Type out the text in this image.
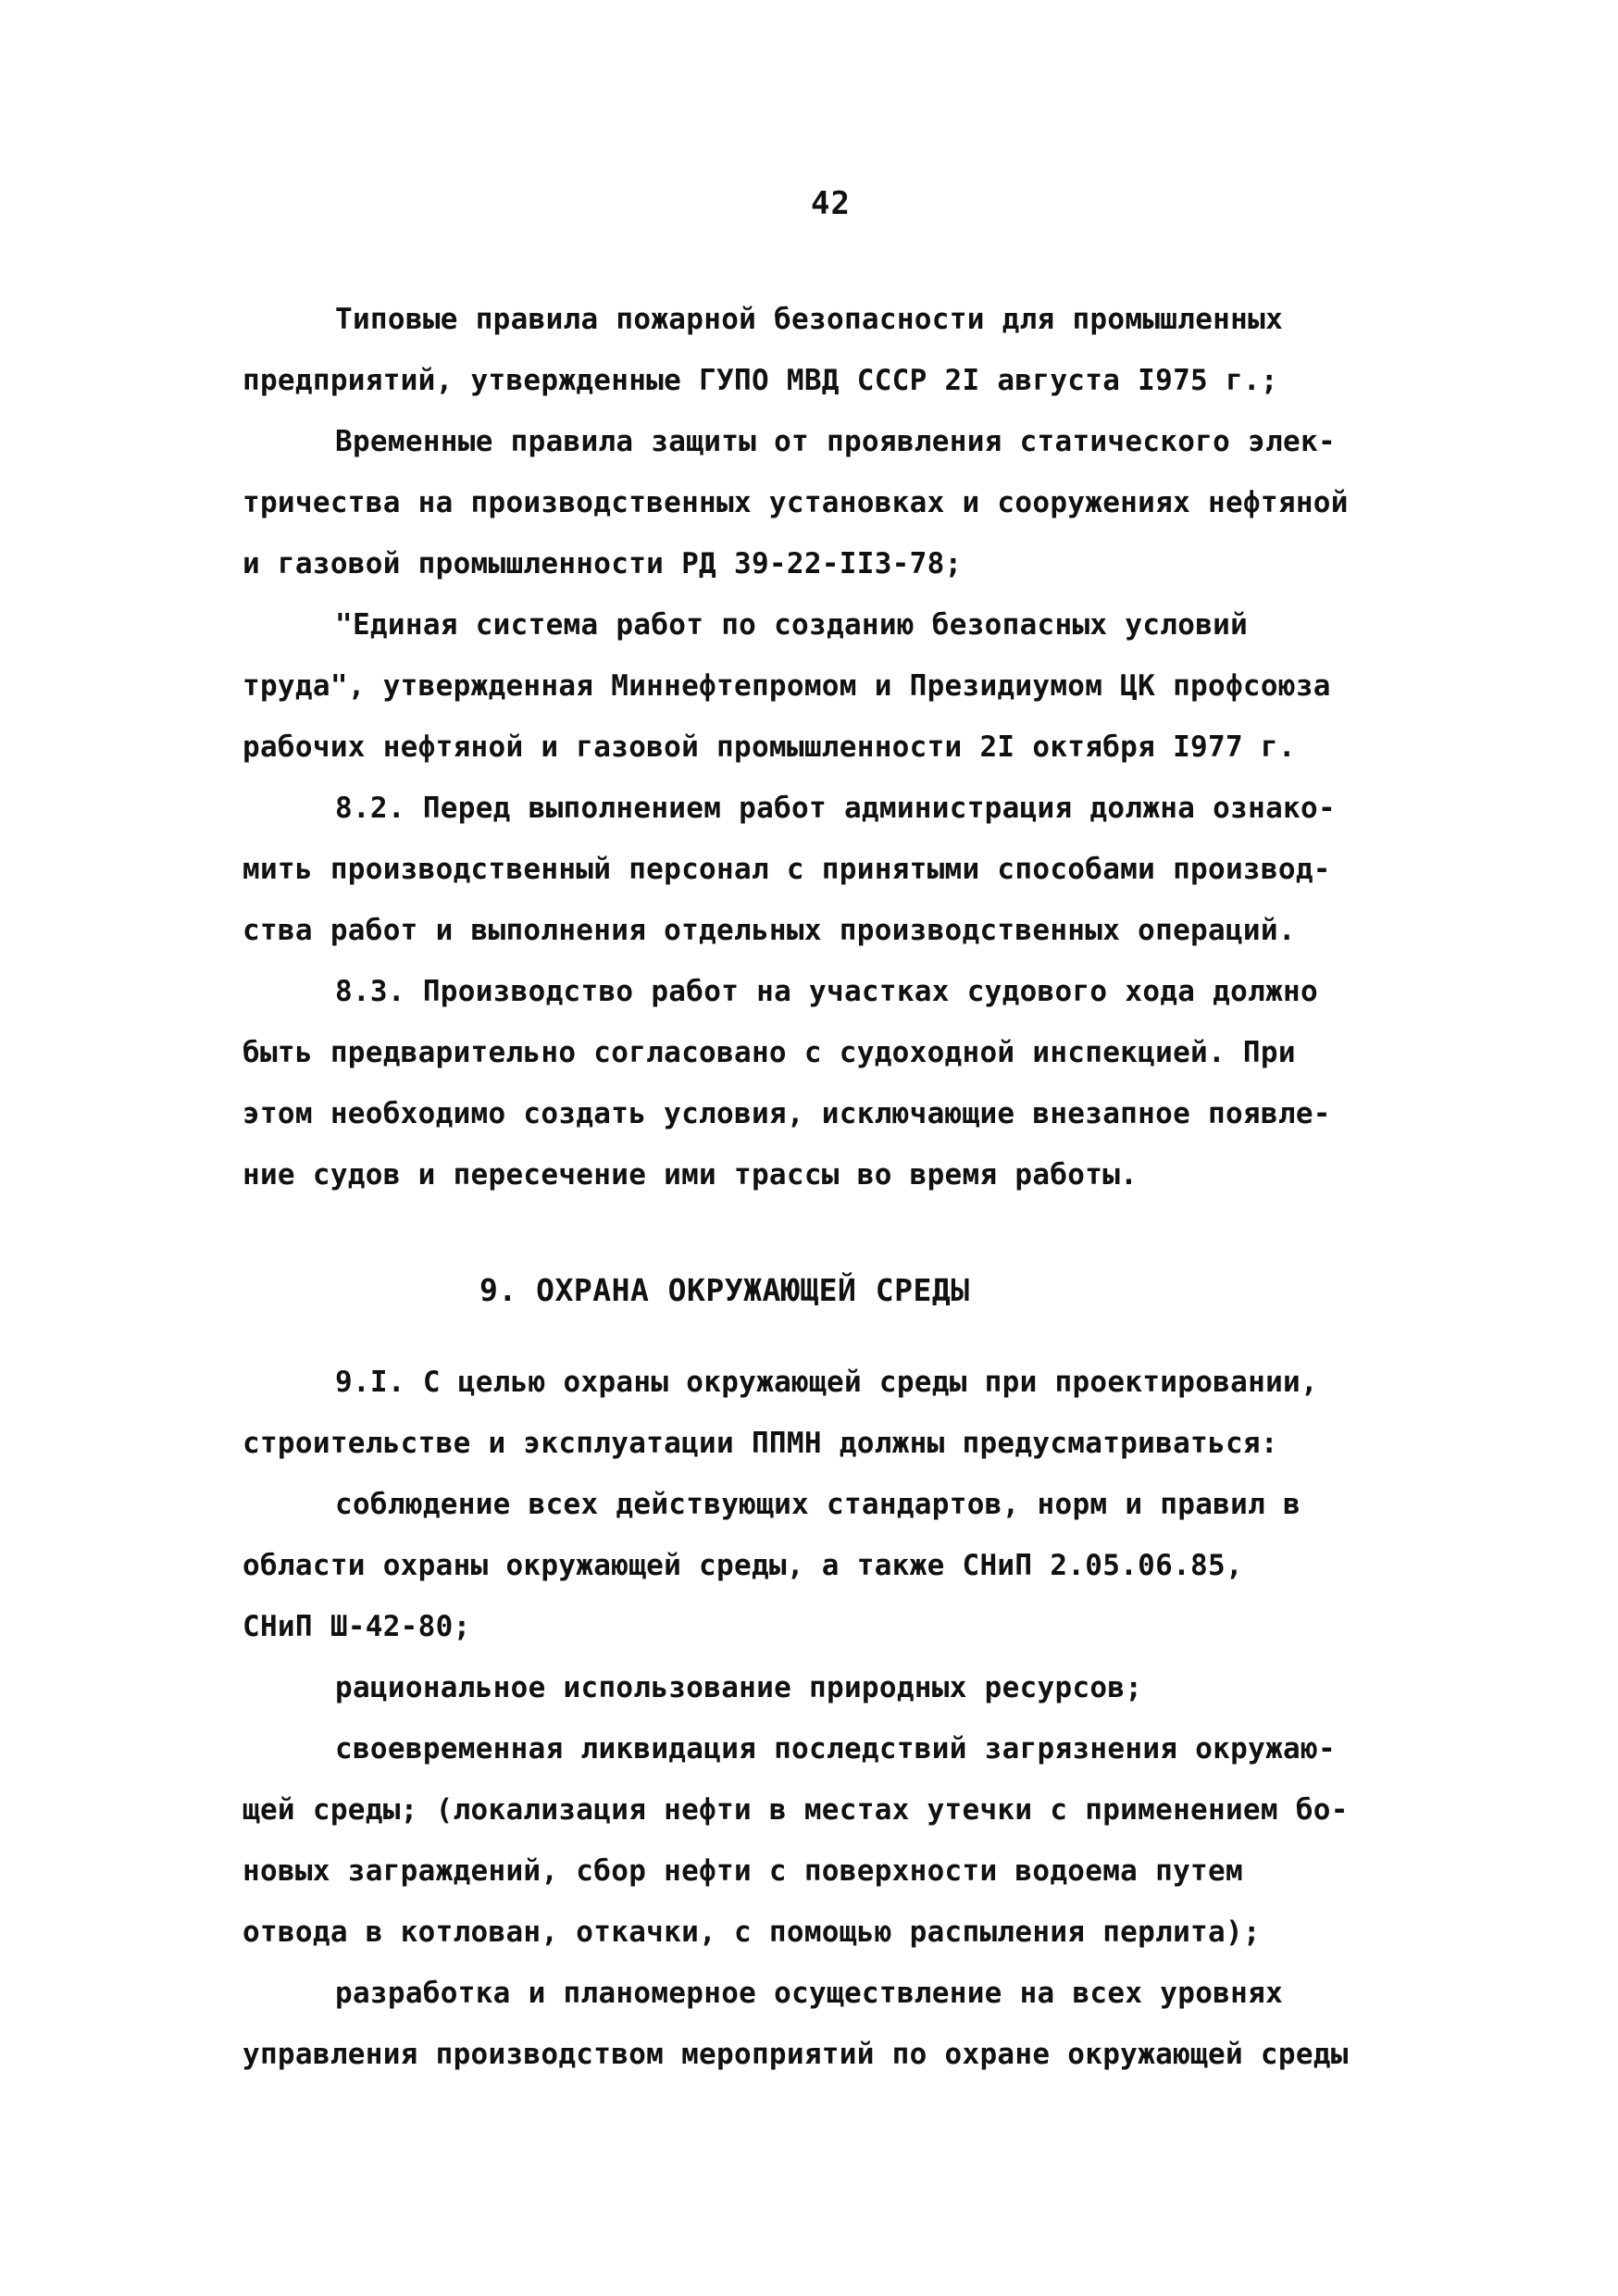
42
Типовые правила пожарной безопасности для промышленных
предприятий, утвержденные ГУПО МВД СССР 2I августа I975 г.;
Временные правила защиты от проявления статического элек-
тричества на производственных установках и сооружениях нефтяной
и газовой промышленности РД 39-22-II3-78;
"Единая система работ по созданию безопасных условий
труда", утвержденная Миннефтепромом и Президиумом ЦК профсоюза
рабочих нефтяной и газовой промышленности 2I октября I977 г.
8.2. Перед выполнением работ администрация должна ознако-
мить производственный персонал с принятыми способами производ-
ства работ и выполнения отдельных производственных операций.
8.3. Производство работ на участках судового хода должно
быть предварительно согласовано с судоходной инспекцией. При
этом необходимо создать условия, исключающие внезапное появле-
ние судов и пересечение ими трассы во время работы.
9. ОХРАНА ОКРУЖАЮЩЕЙ СРЕДЫ
9.I. С целью охраны окружающей среды при проектировании,
строительстве и эксплуатации ППМН должны предусматриваться:
соблюдение всех действующих стандартов, норм и правил в
области охраны окружающей среды, а также СНиП 2.05.06.85,
СНиП Ш-42-80;
рациональное использование природных ресурсов;
своевременная ликвидация последствий загрязнения окружаю-
щей среды; (локализация нефти в местах утечки с применением бо-
новых заграждений, сбор нефти с поверхности водоема путем
отвода в котлован, откачки, с помощью распыления перлита);
разработка и планомерное осуществление на всех уровнях
управления производством мероприятий по охране окружающей среды
